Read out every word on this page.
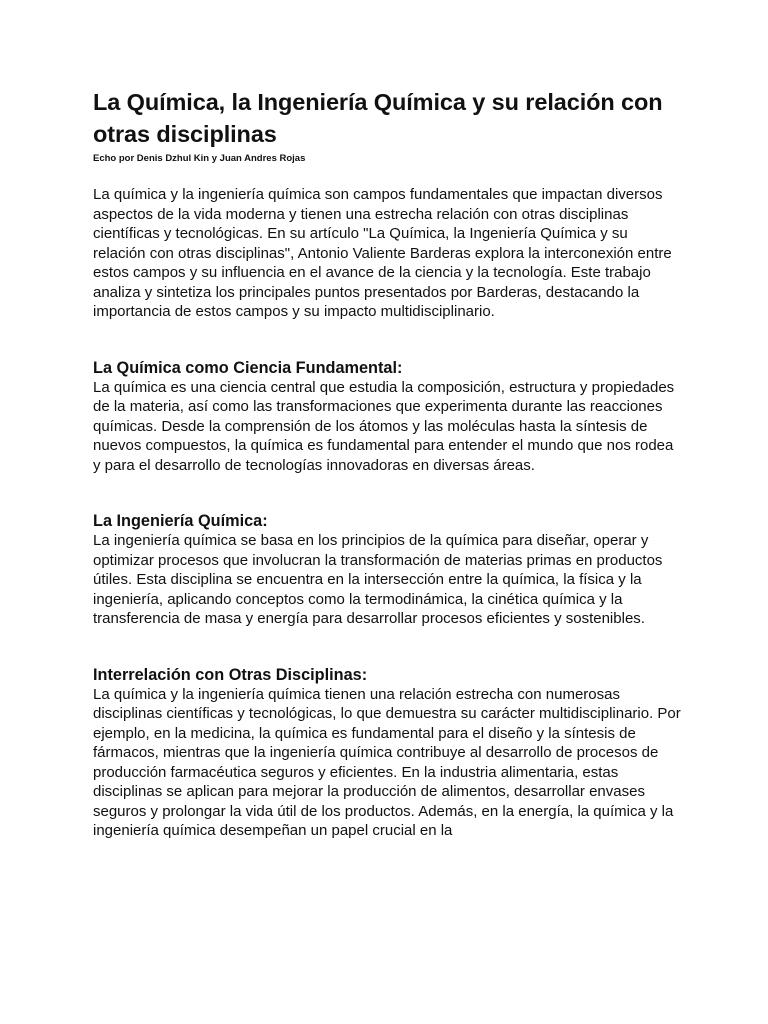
La Química, la Ingeniería Química y su relación con otras disciplinas
Echo por Denis Dzhul Kin y Juan Andres Rojas

La química y la ingeniería química son campos fundamentales que impactan diversos aspectos de la vida moderna y tienen una estrecha relación con otras disciplinas científicas y tecnológicas. En su artículo "La Química, la Ingeniería Química y su relación con otras disciplinas", Antonio Valiente Barderas explora la interconexión entre estos campos y su influencia en el avance de la ciencia y la tecnología. Este trabajo analiza y sintetiza los principales puntos presentados por Barderas, destacando la importancia de estos campos y su impacto multidisciplinario.

La Química como Ciencia Fundamental:

La química es una ciencia central que estudia la composición, estructura y propiedades de la materia, así como las transformaciones que experimenta durante las reacciones químicas. Desde la comprensión de los átomos y las moléculas hasta la síntesis de nuevos compuestos, la química es fundamental para entender el mundo que nos rodea y para el desarrollo de tecnologías innovadoras en diversas áreas.

La Ingeniería Química:

La ingeniería química se basa en los principios de la química para diseñar, operar y optimizar procesos que involucran la transformación de materias primas en productos útiles. Esta disciplina se encuentra en la intersección entre la química, la física y la ingeniería, aplicando conceptos como la termodinámica, la cinética química y la transferencia de masa y energía para desarrollar procesos eficientes y sostenibles.

Interrelación con Otras Disciplinas:

La química y la ingeniería química tienen una relación estrecha con numerosas disciplinas científicas y tecnológicas, lo que demuestra su carácter multidisciplinario. Por ejemplo, en la medicina, la química es fundamental para el diseño y la síntesis de fármacos, mientras que la ingeniería química contribuye al desarrollo de procesos de producción farmacéutica seguros y eficientes. En la industria alimentaria, estas disciplinas se aplican para mejorar la producción de alimentos, desarrollar envases seguros y prolongar la vida útil de los productos. Además, en la energía, la química y la ingeniería química desempeñan un papel crucial en la
